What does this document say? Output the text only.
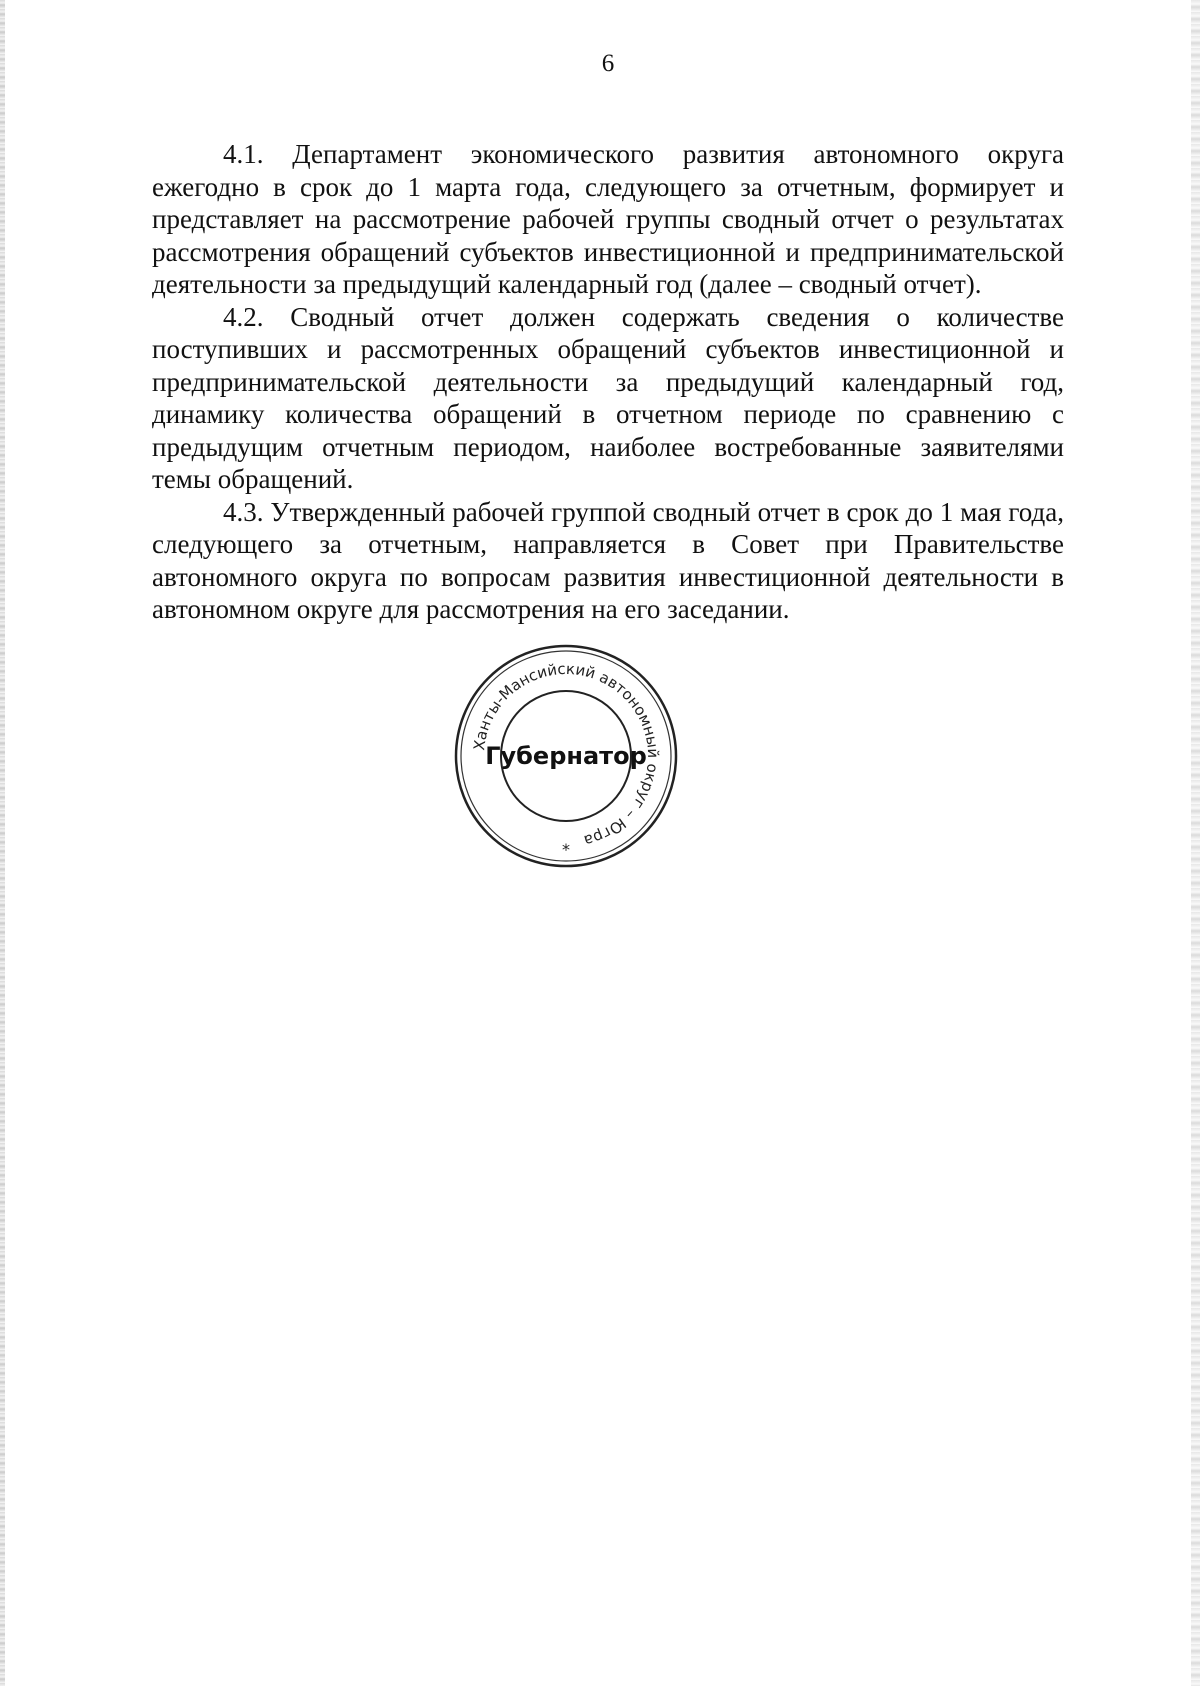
6

4.1. Департамент экономического развития автономного округа ежегодно в срок до 1 марта года, следующего за отчетным, формирует и представляет на рассмотрение рабочей группы сводный отчет о результатах рассмотрения обращений субъектов инвестиционной и предпринимательской деятельности за предыдущий календарный год (далее – сводный отчет).

4.2. Сводный отчет должен содержать сведения о количестве поступивших и рассмотренных обращений субъектов инвестиционной и предпринимательской деятельности за предыдущий календарный год, динамику количества обращений в отчетном периоде по сравнению с предыдущим отчетным периодом, наиболее востребованные заявителями темы обращений.

4.3. Утвержденный рабочей группой сводный отчет в срок до 1 мая года, следующего за отчетным, направляется в Совет при Правительстве автономного округа по вопросам развития инвестиционной деятельности в автономном округе для рассмотрения на его заседании.

Ханты-Мансийский автономный округ – Югра
Губернатор
*
